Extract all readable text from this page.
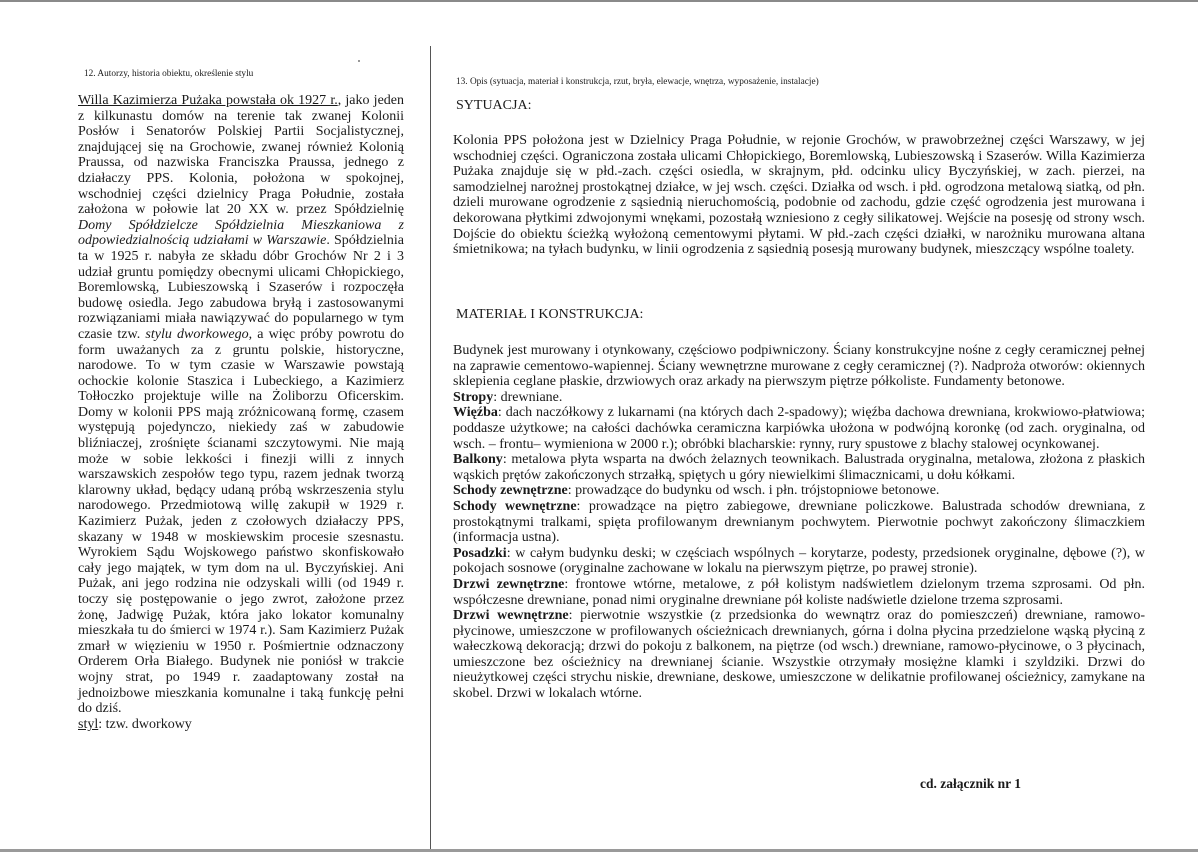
12. Autorzy, historia obiektu, określenie stylu

Willa Kazimierza Pużaka powstała ok 1927 r., jako jeden z kilkunastu domów na terenie tak zwanej Kolonii Posłów i Senatorów Polskiej Partii Socjalistycznej, znajdującej się na Grochowie, zwanej również Kolonią Praussa, od nazwiska Franciszka Praussa, jednego z działaczy PPS. Kolonia, położona w spokojnej, wschodniej części dzielnicy Praga Południe, została założona w połowie lat 20 XX w. przez Spółdzielnię Domy Spółdzielcze Spółdzielnia Mieszkaniowa z odpowiedzialnością udziałami w Warszawie. Spółdzielnia ta w 1925 r. nabyła ze składu dóbr Grochów Nr 2 i 3 udział gruntu pomiędzy obecnymi ulicami Chłopickiego, Boremlowską, Lubieszowską i Szaserów i rozpoczęła budowę osiedla. Jego zabudowa bryłą i zastosowanymi rozwiązaniami miała nawiązywać do popularnego w tym czasie tzw. stylu dworkowego, a więc próby powrotu do form uważanych za z gruntu polskie, historyczne, narodowe. To w tym czasie w Warszawie powstają ochockie kolonie Staszica i Lubeckiego, a Kazimierz Tołłoczko projektuje wille na Żoliborzu Oficerskim. Domy w kolonii PPS mają zróżnicowaną formę, czasem występują pojedynczo, niekiedy zaś w zabudowie bliźniaczej, zrośnięte ścianami szczytowymi. Nie mają może w sobie lekkości i finezji willi z innych warszawskich zespołów tego typu, razem jednak tworzą klarowny układ, będący udaną próbą wskrzeszenia stylu narodowego. Przedmiotową willę zakupił w 1929 r. Kazimierz Pużak, jeden z czołowych działaczy PPS, skazany w 1948 w moskiewskim procesie szesnastu. Wyrokiem Sądu Wojskowego państwo skonfiskowało cały jego majątek, w tym dom na ul. Byczyńskiej. Ani Pużak, ani jego rodzina nie odzyskali willi (od 1949 r. toczy się postępowanie o jego zwrot, założone przez żonę, Jadwigę Pużak, która jako lokator komunalny mieszkała tu do śmierci w 1974 r.). Sam Kazimierz Pużak zmarł w więzieniu w 1950 r. Pośmiertnie odznaczony Orderem Orła Białego. Budynek nie poniósł w trakcie wojny strat, po 1949 r. zaadaptowany został na jednoizbowe mieszkania komunalne i taką funkcję pełni do dziś.

styl: tzw. dworkowy

13. Opis (sytuacja, materiał i konstrukcja, rzut, bryła, elewacje, wnętrza, wyposażenie, instalacje)
SYTUACJA:

Kolonia PPS położona jest w Dzielnicy Praga Południe, w rejonie Grochów, w prawobrzeżnej części Warszawy, w jej wschodniej części. Ograniczona została ulicami Chłopickiego, Boremlowską, Lubieszowską i Szaserów. Willa Kazimierza Pużaka znajduje się w płd.-zach. części osiedla, w skrajnym, płd. odcinku ulicy Byczyńskiej, w zach. pierzei, na samodzielnej narożnej prostokątnej działce, w jej wsch. części. Działka od wsch. i płd. ogrodzona metalową siatką, od płn. dzieli murowane ogrodzenie z sąsiednią nieruchomością, podobnie od zachodu, gdzie część ogrodzenia jest murowana i dekorowana płytkimi zdwojonymi wnękami, pozostałą wzniesiono z cegły silikatowej. Wejście na posesję od strony wsch. Dojście do obiektu ścieżką wyłożoną cementowymi płytami. W płd.-zach części działki, w narożniku murowana altana śmietnikowa; na tyłach budynku, w linii ogrodzenia z sąsiednią posesją murowany budynek, mieszczący wspólne toalety.

MATERIAŁ I KONSTRUKCJA:

Budynek jest murowany i otynkowany, częściowo podpiwniczony. Ściany konstrukcyjne nośne z cegły ceramicznej pełnej na zaprawie cementowo-wapiennej. Ściany wewnętrzne murowane z cegły ceramicznej (?). Nadproża otworów: okiennych sklepienia ceglane płaskie, drzwiowych oraz arkady na pierwszym piętrze półkoliste. Fundamenty betonowe.

Stropy: drewniane.

Więźba: dach naczółkowy z lukarnami (na których dach 2-spadowy); więźba dachowa drewniana, krokwiowo-płatwiowa; poddasze użytkowe; na całości dachówka ceramiczna karpiówka ułożona w podwójną koronkę (od zach. oryginalna, od wsch. – frontu– wymieniona w 2000 r.); obróbki blacharskie: rynny, rury spustowe z blachy stalowej ocynkowanej.

Balkony: metalowa płyta wsparta na dwóch żelaznych teownikach. Balustrada oryginalna, metalowa, złożona z płaskich wąskich prętów zakończonych strzałką, spiętych u góry niewielkimi ślimacznicami, u dołu kółkami.

Schody zewnętrzne: prowadzące do budynku od wsch. i płn. trójstopniowe betonowe.

Schody wewnętrzne: prowadzące na piętro zabiegowe, drewniane policzkowe. Balustrada schodów drewniana, z prostokątnymi tralkami, spięta profilowanym drewnianym pochwytem. Pierwotnie pochwyt zakończony ślimaczkiem (informacja ustna).

Posadzki: w całym budynku deski; w częściach wspólnych – korytarze, podesty, przedsionek oryginalne, dębowe (?), w pokojach sosnowe (oryginalne zachowane w lokalu na pierwszym piętrze, po prawej stronie).

Drzwi zewnętrzne: frontowe wtórne, metalowe, z pół kolistym nadświetlem dzielonym trzema szprosami. Od płn. współczesne drewniane, ponad nimi oryginalne drewniane pół koliste nadświetle dzielone trzema szprosami.

Drzwi wewnętrzne: pierwotnie wszystkie (z przedsionka do wewnątrz oraz do pomieszczeń) drewniane, ramowo-płycinowe, umieszczone w profilowanych ościeżnicach drewnianych, górna i dolna płycina przedzielone wąską płyciną z wałeczkową dekoracją; drzwi do pokoju z balkonem, na piętrze (od wsch.) drewniane, ramowo-płycinowe, o 3 płycinach, umieszczone bez ościeżnicy na drewnianej ścianie. Wszystkie otrzymały mosiężne klamki i szyldziki. Drzwi do nieużytkowej części strychu niskie, drewniane, deskowe, umieszczone w delikatnie profilowanej ościeżnicy, zamykane na skobel. Drzwi w lokalach wtórne.

cd. załącznik nr 1
